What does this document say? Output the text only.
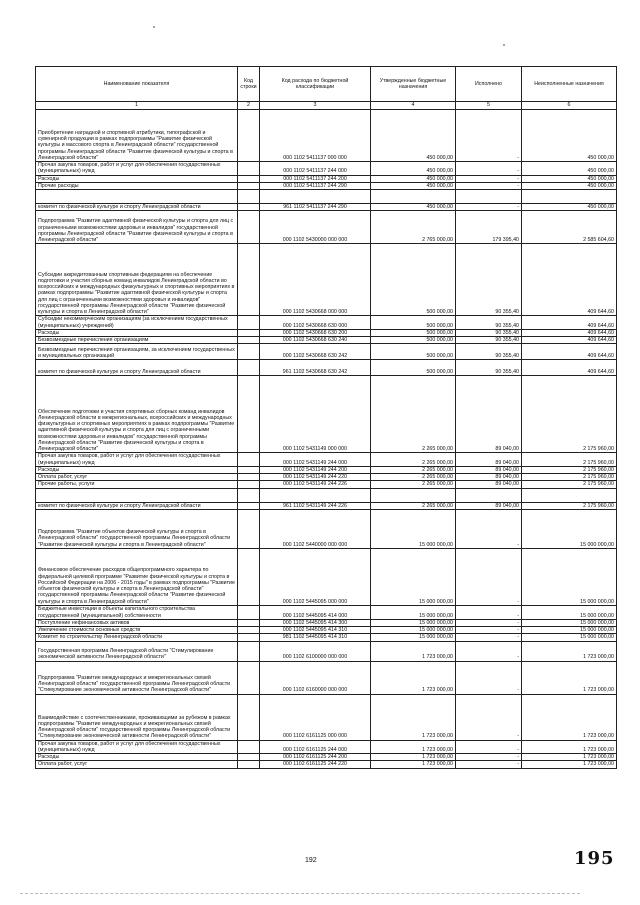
Наименование показателя	Код строки	Код расхода по бюджетной классификации	Утвержденные бюджетные назначения	Исполнено	Неисполненные назначения
1	2	3	4	5	6
Приобретение наградной и спортивной атрибутики, типографской и сувенирной продукции в рамках подпрограммы "Развитие физической культуры и массового спорта в Ленинградской области" государственной программы Ленинградской области "Развитие физической культуры и спорта в Ленинградской области"		000 1102 5411137 000 000	450 000,00	-	450 000,00
Прочая закупка товаров, работ и услуг для обеспечения государственных (муниципальных) нужд		000 1102 5411137 244 000	450 000,00	-	450 000,00
Расходы		000 1102 5411137 244 200	450 000,00	-	450 000,00
Прочие расходы		000 1102 5411137 244 290	450 000,00	-	450 000,00

комитет по физической культуре и спорту Ленинградской области		961 1102 5411137 244 290	450 000,00	-	450 000,00
Подпрограмма "Развитие адаптивной физической культуры и спорта для лиц с ограниченными возможностями здоровья и инвалидов" государственной программы Ленинградской области "Развитие физической культуры и спорта в Ленинградской области"		000 1102 5430000 000 000	2 765 000,00	179 395,40	2 585 604,60
Субсидии аккредитованным спортивным федерациям на обеспечение подготовки и участия сборных команд инвалидов Ленинградской области во всероссийских и международных физкультурных и спортивных мероприятиях в рамках подпрограммы "Развитие адаптивной физической культуры и спорта для лиц с ограниченными возможностями здоровья и инвалидов" государственной программы Ленинградской области "Развитие физической культуры и спорта в Ленинградской области"		000 1102 5430668 000 000	500 000,00	90 355,40	409 644,60
Субсидии некоммерческим организациям (за исключением государственных (муниципальных) учреждений)		000 1102 5430668 630 000	500 000,00	90 355,40	409 644,60
Расходы		000 1102 5430668 630 200	500 000,00	90 355,40	409 644,60
Безвозмездные перечисления организациям		000 1102 5430668 630 240	500 000,00	90 355,40	409 644,60
Безвозмездные перечисления организациям, за исключением государственных и муниципальных организаций		000 1102 5430668 630 242	500 000,00	90 355,40	409 644,60
комитет по физической культуре и спорту Ленинградской области		961 1102 5430668 630 242	500 000,00	90 355,40	409 644,60
Обеспечение подготовки и участия спортивных сборных команд инвалидов Ленинградской области в межрегиональных, всероссийских и международных физкультурных и спортивных мероприятиях в рамках подпрограммы "Развитие адаптивной физической культуры и спорта для лиц с ограниченными возможностями здоровья и инвалидов" государственной программы Ленинградской области "Развитие физической культуры и спорта в Ленинградской области"		000 1102 5431149 000 000	2 265 000,00	89 040,00	2 175 960,00
Прочая закупка товаров, работ и услуг для обеспечения государственных (муниципальных) нужд		000 1102 5431149 244 000	2 265 000,00	89 040,00	2 175 960,00
Расходы		000 1102 5431149 244 200	2 265 000,00	89 040,00	2 175 960,00
Оплата работ, услуг		000 1102 5431149 244 220	2 265 000,00	89 040,00	2 175 960,00
Прочие работы, услуги		000 1102 5431149 244 226	2 265 000,00	89 040,00	2 175 960,00

комитет по физической культуре и спорту Ленинградской области		961 1102 5431149 244 226	2 265 000,00	89 040,00	2 175 960,00
Подпрограмма "Развитие объектов физической культуры и спорта в Ленинградской области" государственной программы Ленинградской области "Развитие физической культуры и спорта в Ленинградской области"		000 1102 5440000 000 000	15 000 000,00	-	15 000 000,00
Финансовое обеспечение расходов общепрограммного характера по федеральной целевой программе "Развитие физической культуры и спорта в Российской Федерации на 2006 - 2015 годы" в рамках подпрограммы "Развитие объектов физической культуры и спорта в Ленинградской области" государственной программы Ленинградской области "Развитие физической культуры и спорта в Ленинградской области"		000 1102 5445095 000 000	15 000 000,00	-	15 000 000,00
Бюджетные инвестиции в объекты капитального строительства государственной (муниципальной) собственности		000 1102 5445095 414 000	15 000 000,00	-	15 000 000,00
Поступление нефинансовых активов		000 1102 5445095 414 300	15 000 000,00	-	15 000 000,00
Увеличение стоимости основных средств		000 1102 5445095 414 310	15 000 000,00	-	15 000 000,00
Комитет по строительству Ленинградской области		981 1102 5445095 414 310	15 000 000,00	-	15 000 000,00
Государственная программа Ленинградской области "Стимулирование экономической активности Ленинградской области"		000 1102 6100000 000 000	1 723 000,00	-	1 723 000,00
Подпрограмма "Развитие международных и межрегиональных связей Ленинградской области" государственной программы Ленинградской области "Стимулирование экономической активности Ленинградской области"		000 1102 6160000 000 000	1 723 000,00	-	1 723 000,00
Взаимодействие с соотечественниками, проживающими за рубежом в рамках подпрограммы "Развитие международных и межрегиональных связей Ленинградской области" государственной программы Ленинградской области "Стимулирование экономической активности Ленинградской области"		000 1102 6161125 000 000	1 723 000,00	-	1 723 000,00
Прочая закупка товаров, работ и услуг для обеспечения государственных (муниципальных) нужд		000 1102 6161125 244 000	1 723 000,00	-	1 723 000,00
Расходы		000 1102 6161125 244 200	1 723 000,00	-	1 723 000,00
Оплата работ, услуг		000 1102 6161125 244 220	1 723 000,00	-	1 723 000,00
192	195
